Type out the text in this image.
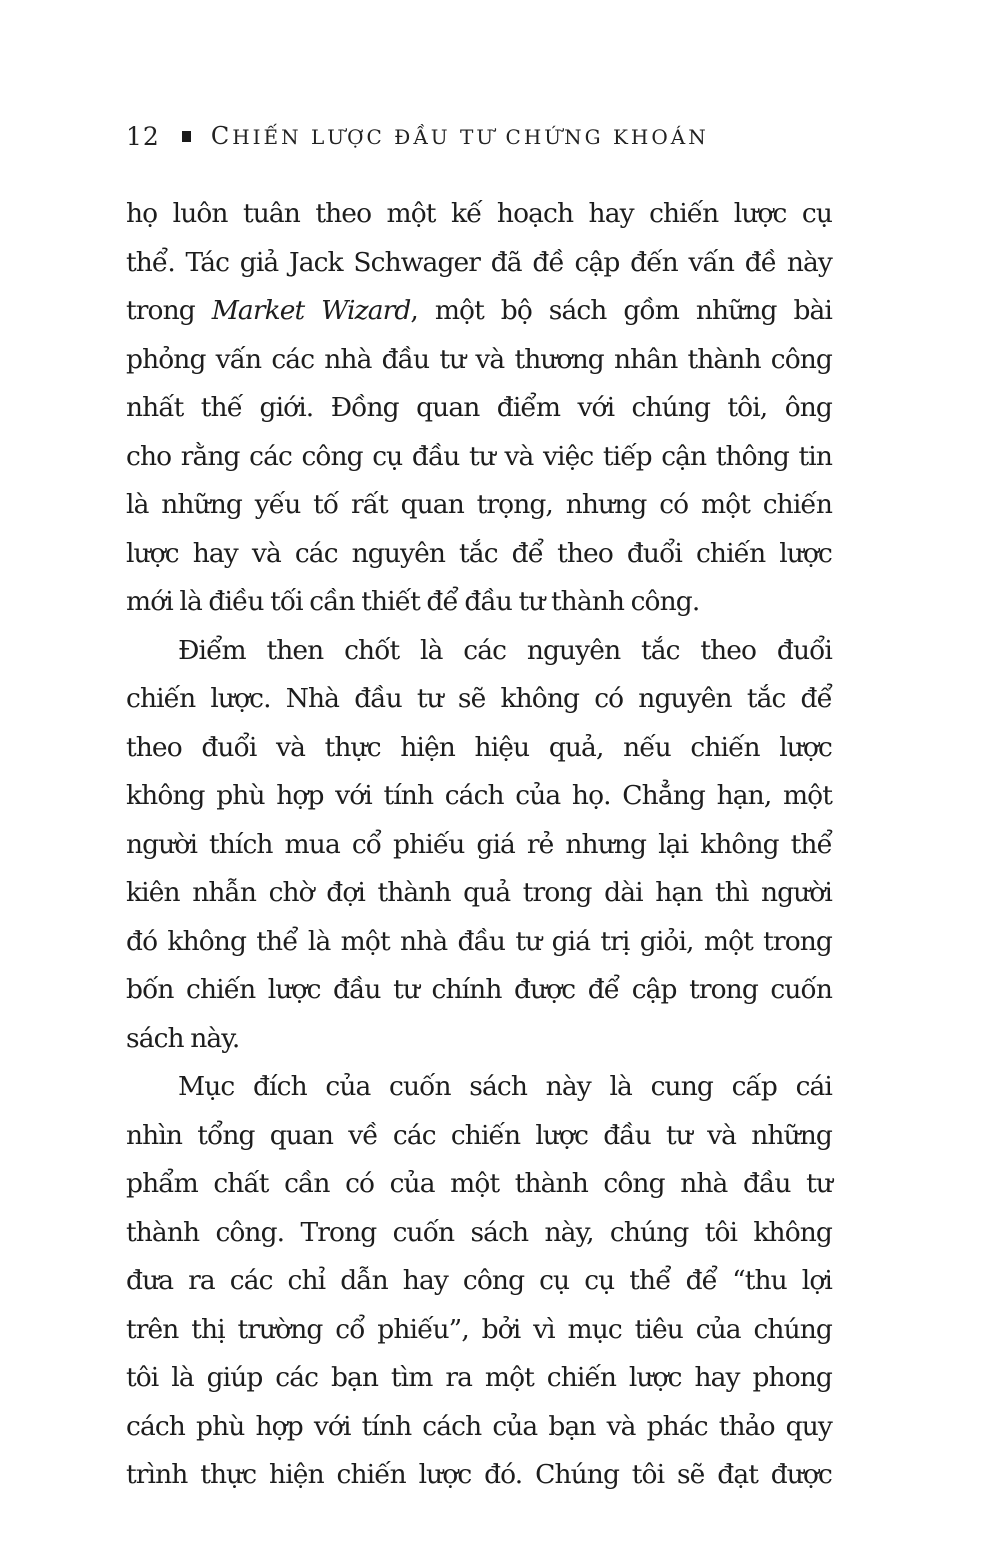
12	CHIẾN LƯỢC ĐẦU TƯ CHỨNG KHOÁN
họ luôn tuân theo một kế hoạch hay chiến lược cụ
thể. Tác giả Jack Schwager đã đề cập đến vấn đề này
trong Market Wizard, một bộ sách gồm những bài
phỏng vấn các nhà đầu tư và thương nhân thành công
nhất thế giới. Đồng quan điểm với chúng tôi, ông
cho rằng các công cụ đầu tư và việc tiếp cận thông tin
là những yếu tố rất quan trọng, nhưng có một chiến
lược hay và các nguyên tắc để theo đuổi chiến lược
mới là điều tối cần thiết để đầu tư thành công.
Điểm then chốt là các nguyên tắc theo đuổi
chiến lược. Nhà đầu tư sẽ không có nguyên tắc để
theo đuổi và thực hiện hiệu quả, nếu chiến lược
không phù hợp với tính cách của họ. Chẳng hạn, một
người thích mua cổ phiếu giá rẻ nhưng lại không thể
kiên nhẫn chờ đợi thành quả trong dài hạn thì người
đó không thể là một nhà đầu tư giá trị giỏi, một trong
bốn chiến lược đầu tư chính được để cập trong cuốn
sách này.
Mục đích của cuốn sách này là cung cấp cái
nhìn tổng quan về các chiến lược đầu tư và những
phẩm chất cần có của một thành công nhà đầu tư
thành công. Trong cuốn sách này, chúng tôi không
đưa ra các chỉ dẫn hay công cụ cụ thể để “thu lợi
trên thị trường cổ phiếu”, bởi vì mục tiêu của chúng
tôi là giúp các bạn tìm ra một chiến lược hay phong
cách phù hợp với tính cách của bạn và phác thảo quy
trình thực hiện chiến lược đó. Chúng tôi sẽ đạt được
